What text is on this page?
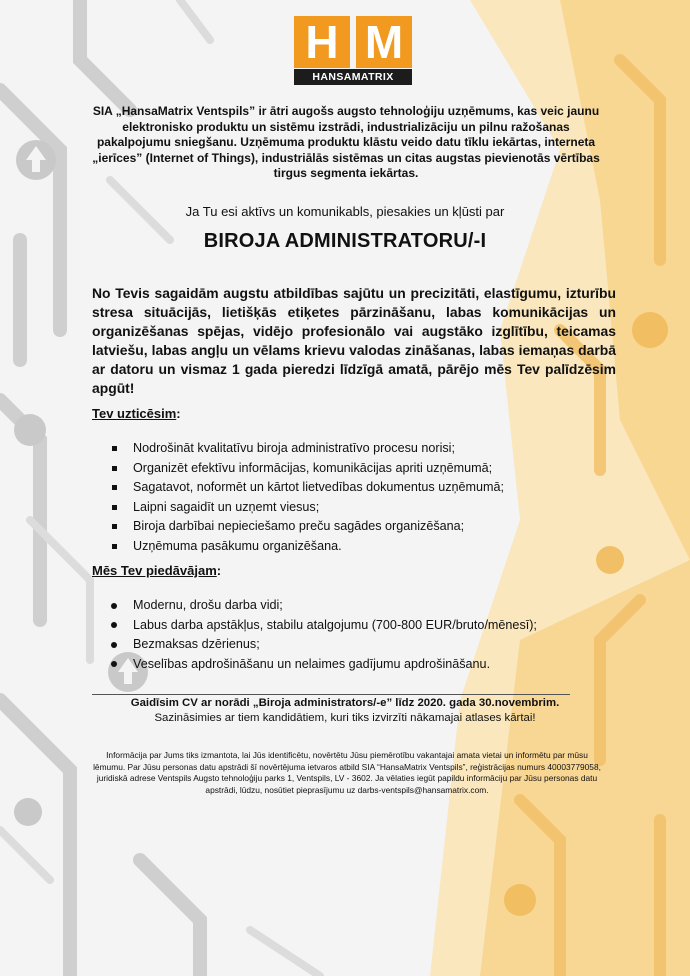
H M
HANSAMATRIX
SIA „HansaMatrix Ventspils” ir ātri augošs augsto tehnoloģiju uzņēmums, kas veic jaunu elektronisko produktu un sistēmu izstrādi, industrializāciju un pilnu ražošanas pakalpojumu sniegšanu. Uzņēmuma produktu klāstu veido datu tīklu iekārtas, interneta „ierīces” (Internet of Things), industriālās sistēmas un citas augstas pievienotās vērtības tirgus segmenta iekārtas.
Ja Tu esi aktīvs un komunikabls, piesakies un kļūsti par
BIROJA ADMINISTRATORU/-I
No Tevis sagaidām augstu atbildības sajūtu un precizitāti, elastīgumu, izturību stresa situācijās, lietišķās etiķetes pārzināšanu, labas komunikācijas un organizēšanas spējas, vidējo profesionālo vai augstāko izglītību, teicamas latviešu, labas angļu un vēlams krievu valodas zināšanas, labas iemaņas darbā ar datoru un vismaz 1 gada pieredzi līdzīgā amatā, pārējo mēs Tev palīdzēsim apgūt!
Tev uzticēsim:
Nodrošināt kvalitatīvu biroja administratīvo procesu norisi;
Organizēt efektīvu informācijas, komunikācijas apriti uzņēmumā;
Sagatavot, noformēt un kārtot lietvedības dokumentus uzņēmumā;
Laipni sagaidīt un uzņemt viesus;
Biroja darbībai nepieciešamo preču sagādes organizēšana;
Uzņēmuma pasākumu organizēšana.
Mēs Tev piedāvājam:
Modernu, drošu darba vidi;
Labus darba apstākļus, stabilu atalgojumu (700-800 EUR/bruto/mēnesī);
Bezmaksas dzērienus;
Veselības apdrošināšanu un nelaimes gadījumu apdrošināšanu.
Gaidīsim CV ar norādi „Biroja administrators/-e” līdz 2020. gada 30.novembrim.
Sazināsimies ar tiem kandidātiem, kuri tiks izvirzīti nākamajai atlases kārtai!
Informācija par Jums tiks izmantota, lai Jūs identificētu, novērtētu Jūsu piemērotību vakantajai amata vietai un informētu par mūsu lēmumu. Par Jūsu personas datu apstrādi šī novērtējuma ietvaros atbild SIA “HansaMatrix Ventspils”, reģistrācijas numurs 40003779058, juridiskā adrese Ventspils Augsto tehnoloģiju parks 1, Ventspils, LV - 3602. Ja vēlaties iegūt papildu informāciju par Jūsu personas datu apstrādi, lūdzu, nosūtiet pieprasījumu uz darbs-ventspils@hansamatrix.com.
